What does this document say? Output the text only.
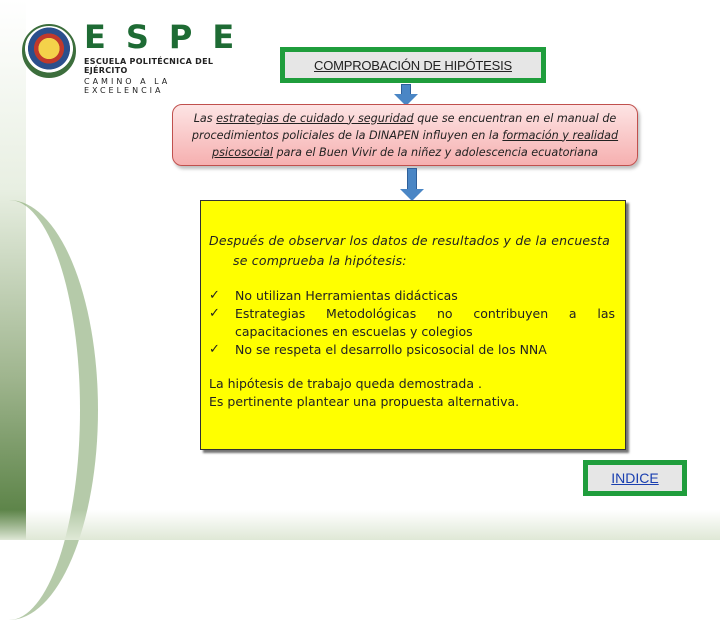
ESPE
ESCUELA POLITÉCNICA DEL EJÉRCITO
CAMINO A LA EXCELENCIA
COMPROBACIÓN DE HIPÓTESIS
Las estrategias de cuidado y seguridad que se encuentran en el manual de procedimientos policiales de la DINAPEN influyen en la formación y realidad psicosocial para el Buen Vivir de la niñez y adolescencia ecuatoriana

Después de observar los datos de resultados y de la encuesta
se comprueba la hipótesis:

✓ No utilizan Herramientas didácticas
✓ Estrategias Metodológicas no contribuyen a las capacitaciones en escuelas y colegios
✓ No se respeta el desarrollo psicosocial de los NNA
La hipótesis de trabajo queda demostrada .
Es pertinente plantear una propuesta alternativa.
INDICE
